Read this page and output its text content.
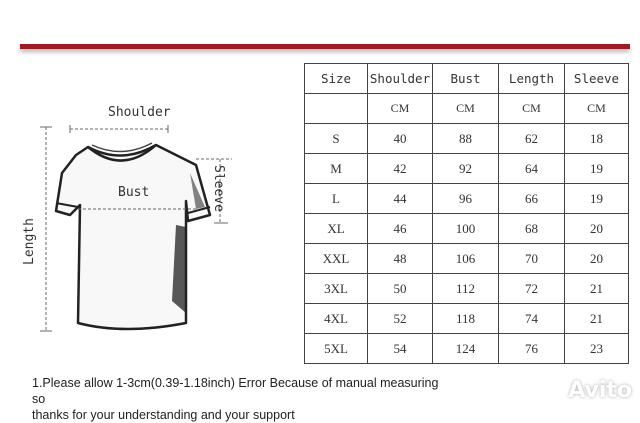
Shoulder
Bust
Length
Sleeve
Size	Shoulder	Bust	Length	Sleeve
	CM	CM	CM	CM
S	40	88	62	18
M	42	92	64	19
L	44	96	66	19
XL	46	100	68	20
XXL	48	106	70	20
3XL	50	112	72	21
4XL	52	118	74	21
5XL	54	124	76	23
1.Please allow 1-3cm(0.39-1.18inch) Error Because of manual measuring so
thanks for your understanding and your support
Avito
